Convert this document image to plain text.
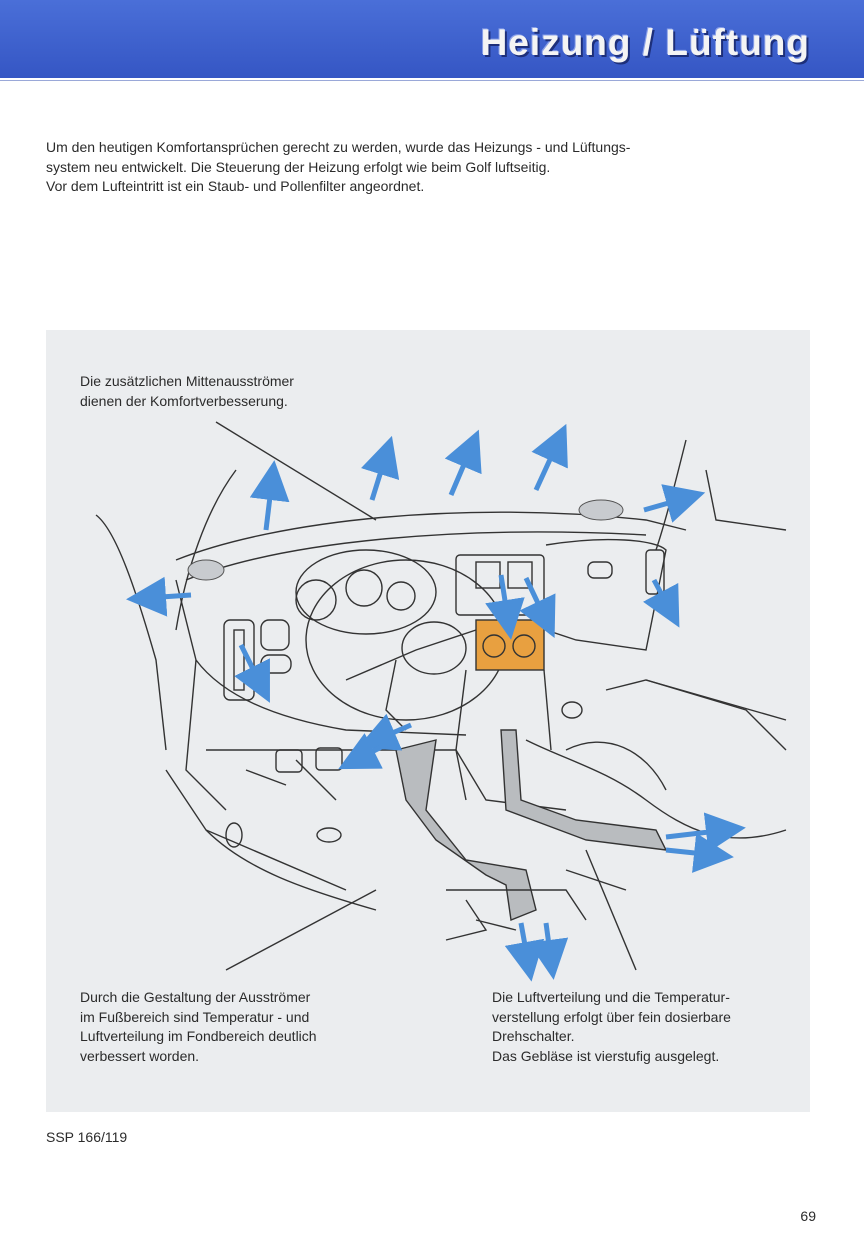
Heizung / Lüftung

Um den heutigen Komfortansprüchen gerecht zu werden, wurde das Heizungs - und Lüftungs-

system neu entwickelt. Die Steuerung der Heizung erfolgt wie beim Golf luftseitig.

Vor dem Lufteintritt ist ein Staub- und Pollenfilter angeordnet.

Die zusätzlichen Mittenausströmer

dienen der Komfortverbesserung.

Durch die Gestaltung der Ausströmer

im Fußbereich sind Temperatur - und

Luftverteilung im Fondbereich deutlich

verbessert worden.

Die Luftverteilung und die Temperatur-

verstellung erfolgt über fein dosierbare

Drehschalter.

Das Gebläse ist vierstufig ausgelegt.

SSP 166/119
69
